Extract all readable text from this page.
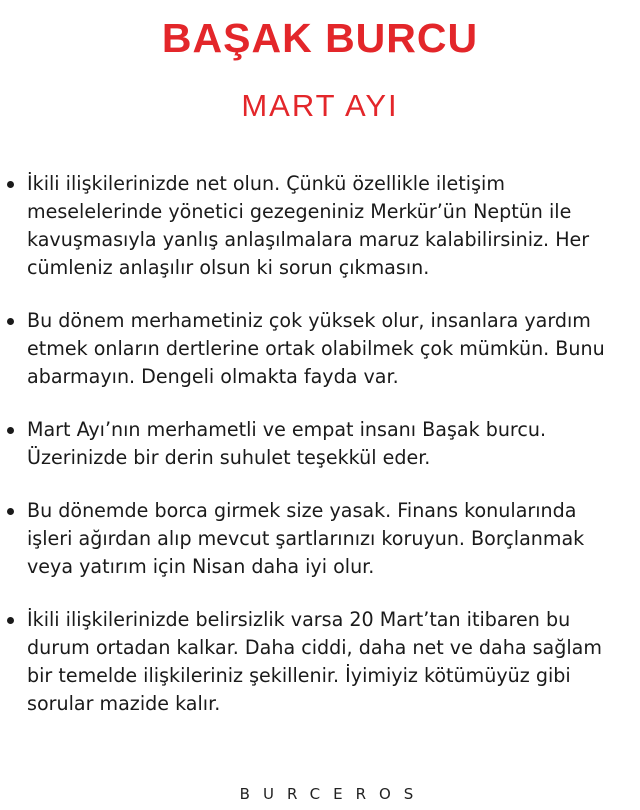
BAŞAK BURCU
MART AYI
İkili ilişkilerinizde net olun. Çünkü özellikle iletişim meselelerinde yönetici gezegeniniz Merkür’ün Neptün ile kavuşmasıyla yanlış anlaşılmalara maruz kalabilirsiniz. Her cümleniz anlaşılır olsun ki sorun çıkmasın.
Bu dönem merhametiniz çok yüksek olur, insanlara yardım etmek onların dertlerine ortak olabilmek çok mümkün. Bunu abarmayın. Dengeli olmakta fayda var.
Mart Ayı’nın merhametli ve empat insanı Başak burcu. Üzerinizde bir derin suhulet teşekkül eder.
Bu dönemde borca girmek size yasak. Finans konularında işleri ağırdan alıp mevcut şartlarınızı koruyun. Borçlanmak veya yatırım için Nisan daha iyi olur.
İkili ilişkilerinizde belirsizlik varsa 20 Mart’tan itibaren bu durum ortadan kalkar. Daha ciddi, daha net ve daha sağlam bir temelde ilişkileriniz şekillenir. İyimiyiz kötümüyüz gibi sorular mazide kalır.
BURCEROS
